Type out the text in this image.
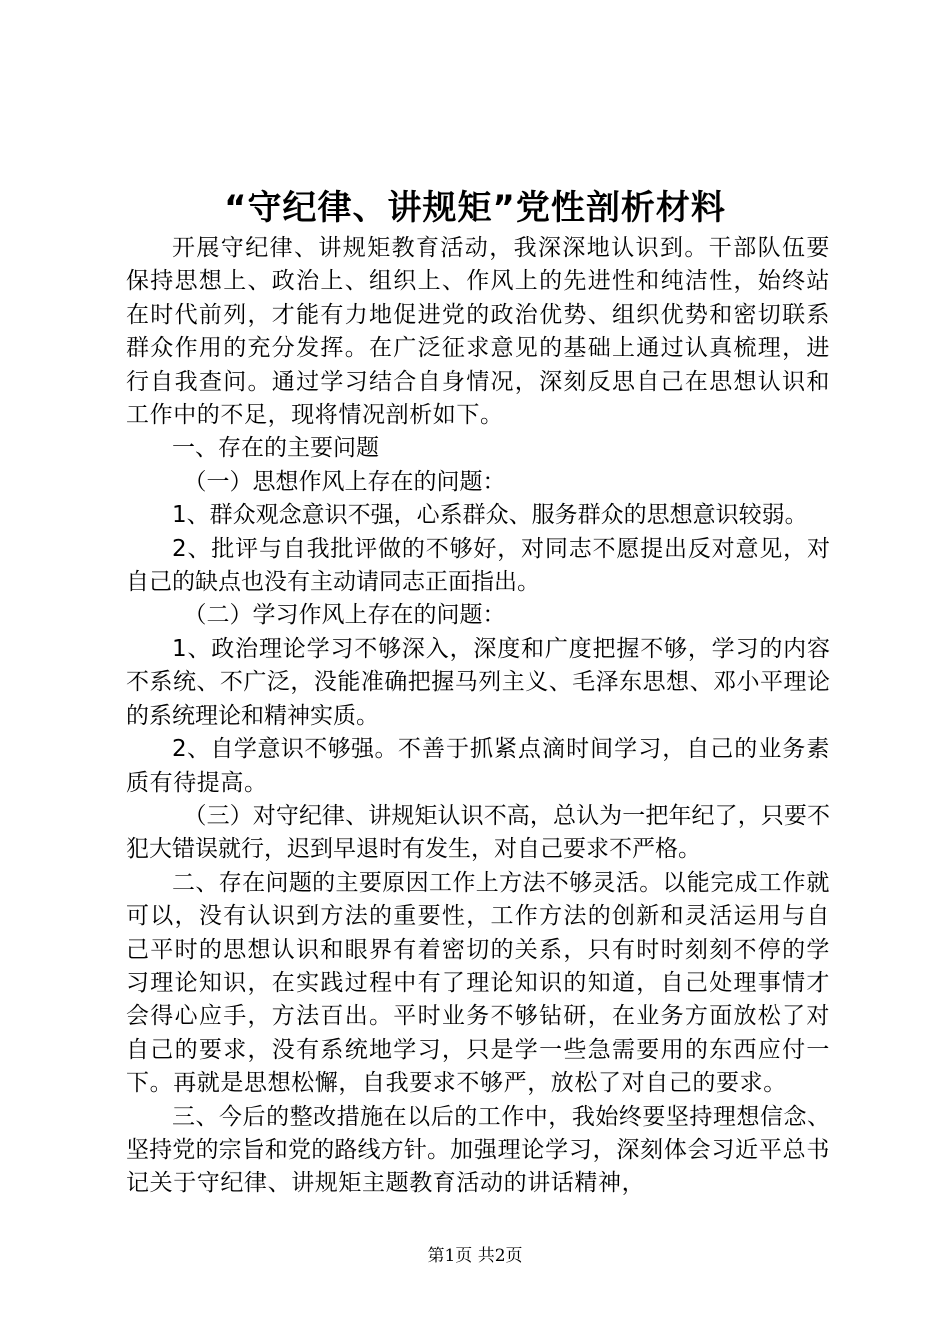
“守纪律、讲规矩”党性剖析材料

开展守纪律、讲规矩教育活动，我深深地认识到。干部队伍要保持思想上、政治上、组织上、作风上的先进性和纯洁性，始终站在时代前列，才能有力地促进党的政治优势、组织优势和密切联系群众作用的充分发挥。在广泛征求意见的基础上通过认真梳理，进行自我查问。通过学习结合自身情况，深刻反思自己在思想认识和工作中的不足，现将情况剖析如下。

一、存在的主要问题

（一）思想作风上存在的问题：

1、群众观念意识不强，心系群众、服务群众的思想意识较弱。

2、批评与自我批评做的不够好，对同志不愿提出反对意见，对自己的缺点也没有主动请同志正面指出。

（二）学习作风上存在的问题：

1、政治理论学习不够深入，深度和广度把握不够，学习的内容不系统、不广泛，没能准确把握马列主义、毛泽东思想、邓小平理论的系统理论和精神实质。

2、自学意识不够强。不善于抓紧点滴时间学习，自己的业务素质有待提高。

（三）对守纪律、讲规矩认识不高，总认为一把年纪了，只要不犯大错误就行，迟到早退时有发生，对自己要求不严格。

二、存在问题的主要原因工作上方法不够灵活。以能完成工作就可以，没有认识到方法的重要性，工作方法的创新和灵活运用与自己平时的思想认识和眼界有着密切的关系，只有时时刻刻不停的学习理论知识，在实践过程中有了理论知识的知道，自己处理事情才会得心应手，方法百出。平时业务不够钻研，在业务方面放松了对自己的要求，没有系统地学习，只是学一些急需要用的东西应付一下。再就是思想松懈，自我要求不够严，放松了对自己的要求。

三、今后的整改措施在以后的工作中，我始终要坚持理想信念、坚持党的宗旨和党的路线方针。加强理论学习，深刻体会习近平总书记关于守纪律、讲规矩主题教育活动的讲话精神，

第1页 共2页
